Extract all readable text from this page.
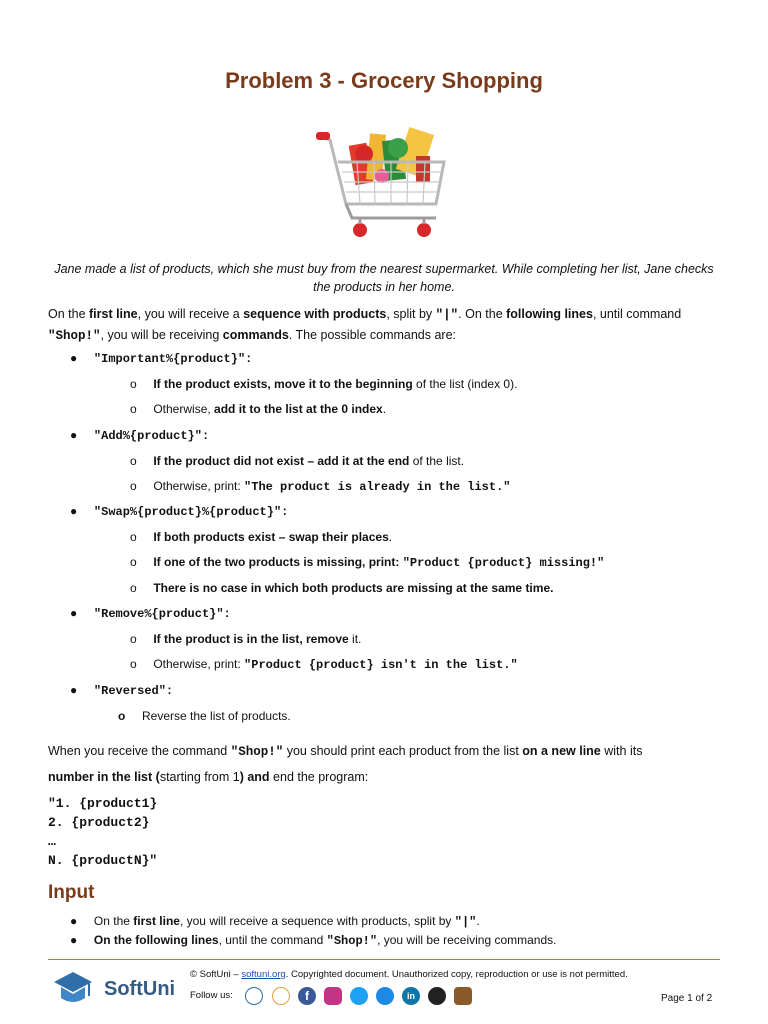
Problem 3 - Grocery Shopping
Jane made a list of products, which she must buy from the nearest supermarket. While completing her list, Jane checks the products in her home.
On the first line, you will receive a sequence with products, split by "|". On the following lines, until command
"Shop!", you will be receiving commands. The possible commands are:
●     "Important%{product}":
o     If the product exists, move it to the beginning of the list (index 0).
o     Otherwise, add it to the list at the 0 index.
●     "Add%{product}":
o     If the product did not exist – add it at the end of the list.
o     Otherwise, print: "The product is already in the list."
●     "Swap%{product}%{product}":
o     If both products exist – swap their places.
o     If one of the two products is missing, print: "Product {product} missing!"
o     There is no case in which both products are missing at the same time.
●     "Remove%{product}":
o     If the product is in the list, remove it.
o     Otherwise, print: "Product {product} isn't in the list."
●     "Reversed":
o     Reverse the list of products.
When you receive the command "Shop!" you should print each product from the list on a new line with its
number in the list (starting from 1) and end the program:
"1. {product1}
2. {product2}
…
N. {productN}"
Input
●     On the first line, you will receive a sequence with products, split by "|".
●     On the following lines, until the command "Shop!", you will be receiving commands.
SoftUni
© SoftUni – softuni.org. Copyrighted document. Unauthorized copy, reproduction or use is not permitted.
Follow us:	f	in	Page 1 of 2
